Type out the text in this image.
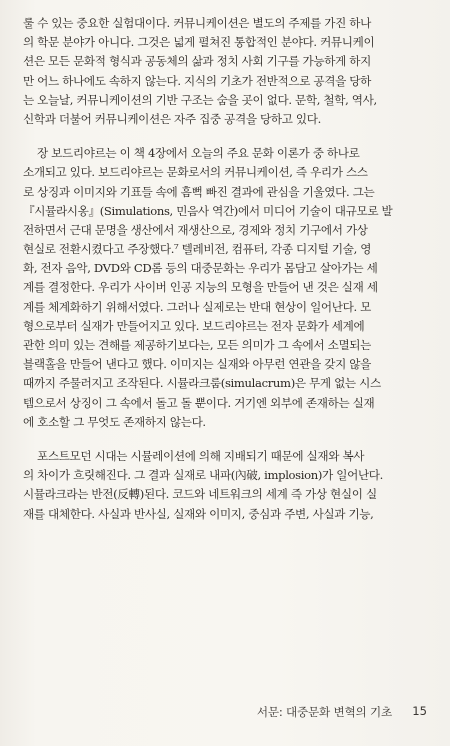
룰 수 있는 중요한 실험대이다. 커뮤니케이션은 별도의 주제를 가진 하나
의 학문 분야가 아니다. 그것은 넓게 펼쳐진 통합적인 분야다. 커뮤니케이
션은 모든 문화적 형식과 공동체의 삶과 정치 사회 기구를 가능하게 하지
만 어느 하나에도 속하지 않는다. 지식의 기초가 전반적으로 공격을 당하
는 오늘날, 커뮤니케이션의 기반 구조는 숨을 곳이 없다. 문학, 철학, 역사,
신학과 더불어 커뮤니케이션은 자주 집중 공격을 당하고 있다.
장 보드리야르는 이 책 4장에서 오늘의 주요 문화 이론가 중 하나로
소개되고 있다. 보드리야르는 문화로서의 커뮤니케이션, 즉 우리가 스스
로 상징과 이미지와 기표들 속에 흠뻑 빠진 결과에 관심을 기울였다. 그는
『시뮬라시옹』(Simulations, 민음사 역간)에서 미디어 기술이 대규모로 발
전하면서 근대 문명을 생산에서 재생산으로, 경제와 정치 기구에서 가상
현실로 전환시켰다고 주장했다.⁷ 텔레비전, 컴퓨터, 각종 디지털 기술, 영
화, 전자 음악, DVD와 CD롬 등의 대중문화는 우리가 몸담고 살아가는 세
계를 결정한다. 우리가 사이버 인공 지능의 모형을 만들어 낸 것은 실재 세
계를 체계화하기 위해서였다. 그러나 실제로는 반대 현상이 일어난다. 모
형으로부터 실재가 만들어지고 있다. 보드리야르는 전자 문화가 세계에
관한 의미 있는 견해를 제공하기보다는, 모든 의미가 그 속에서 소멸되는
블랙홀을 만들어 낸다고 했다. 이미지는 실재와 아무런 연관을 갖지 않을
때까지 주물러지고 조작된다. 시뮬라크룸(simulacrum)은 무게 없는 시스
템으로서 상징이 그 속에서 돌고 돌 뿐이다. 거기엔 외부에 존재하는 실재
에 호소할 그 무엇도 존재하지 않는다.
포스트모던 시대는 시뮬레이션에 의해 지배되기 때문에 실재와 복사
의 차이가 흐릿해진다. 그 결과 실재로 내파(內破, implosion)가 일어난다.
시뮬라크라는 반전(反轉)된다. 코드와 네트워크의 세계 즉 가상 현실이 실
재를 대체한다. 사실과 반사실, 실재와 이미지, 중심과 주변, 사실과 기능,
서문: 대중문화 변혁의 기초 15
